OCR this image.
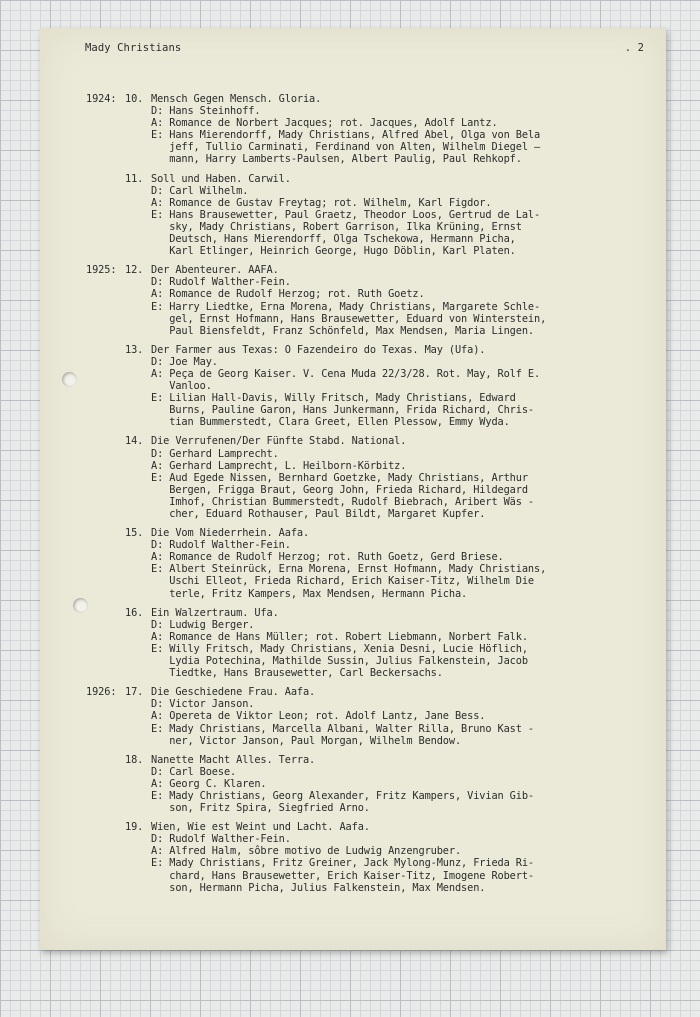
Mady Christians	. 2
1924: 10. Mensch Gegen Mensch. Gloria.
D: Hans Steinhoff.
A: Romance de Norbert Jacques; rot. Jacques, Adolf Lantz.
E: Hans Mierendorff, Mady Christians, Alfred Abel, Olga von Bela
jeff, Tullio Carminati, Ferdinand von Alten, Wilhelm Diegel –
mann, Harry Lamberts-Paulsen, Albert Paulig, Paul Rehkopf.
11. Soll und Haben. Carwil.
D: Carl Wilhelm.
A: Romance de Gustav Freytag; rot. Wilhelm, Karl Figdor.
E: Hans Brausewetter, Paul Graetz, Theodor Loos, Gertrud de Lal-
sky, Mady Christians, Robert Garrison, Ilka Krüning, Ernst
Deutsch, Hans Mierendorff, Olga Tschekowa, Hermann Picha,
Karl Etlinger, Heinrich George, Hugo Döblin, Karl Platen.
1925: 12. Der Abenteurer. AAFA.
D: Rudolf Walther-Fein.
A: Romance de Rudolf Herzog; rot. Ruth Goetz.
E: Harry Liedtke, Erna Morena, Mady Christians, Margarete Schle-
gel, Ernst Hofmann, Hans Brausewetter, Eduard von Winterstein,
Paul Biensfeldt, Franz Schönfeld, Max Mendsen, Maria Lingen.
13. Der Farmer aus Texas: O Fazendeiro do Texas. May (Ufa).
D: Joe May.
A: Peça de Georg Kaiser. V. Cena Muda 22/3/28. Rot. May, Rolf E.
Vanloo.
E: Lilian Hall-Davis, Willy Fritsch, Mady Christians, Edward
Burns, Pauline Garon, Hans Junkermann, Frida Richard, Chris-
tian Bummerstedt, Clara Greet, Ellen Plessow, Emmy Wyda.
14. Die Verrufenen/Der Fünfte Stabd. National.
D: Gerhard Lamprecht.
A: Gerhard Lamprecht, L. Heilborn-Körbitz.
E: Aud Egede Nissen, Bernhard Goetzke, Mady Christians, Arthur
Bergen, Frigga Braut, Georg John, Frieda Richard, Hildegard
Imhof, Christian Bummerstedt, Rudolf Biebrach, Aribert Wäs -
cher, Eduard Rothauser, Paul Bildt, Margaret Kupfer.
15. Die Vom Niederrhein. Aafa.
D: Rudolf Walther-Fein.
A: Romance de Rudolf Herzog; rot. Ruth Goetz, Gerd Briese.
E: Albert Steinrück, Erna Morena, Ernst Hofmann, Mady Christians,
Uschi Elleot, Frieda Richard, Erich Kaiser-Titz, Wilhelm Die
terle, Fritz Kampers, Max Mendsen, Hermann Picha.
16. Ein Walzertraum. Ufa.
D: Ludwig Berger.
A: Romance de Hans Müller; rot. Robert Liebmann, Norbert Falk.
E: Willy Fritsch, Mady Christians, Xenia Desni, Lucie Höflich,
Lydia Potechina, Mathilde Sussin, Julius Falkenstein, Jacob
Tiedtke, Hans Brausewetter, Carl Beckersachs.
1926: 17. Die Geschiedene Frau. Aafa.
D: Victor Janson.
A: Opereta de Viktor Leon; rot. Adolf Lantz, Jane Bess.
E: Mady Christians, Marcella Albani, Walter Rilla, Bruno Kast -
ner, Victor Janson, Paul Morgan, Wilhelm Bendow.
18. Nanette Macht Alles. Terra.
D: Carl Boese.
A: Georg C. Klaren.
E: Mady Christians, Georg Alexander, Fritz Kampers, Vivian Gib-
son, Fritz Spira, Siegfried Arno.
19. Wien, Wie est Weint und Lacht. Aafa.
D: Rudolf Walther-Fein.
A: Alfred Halm, sôbre motivo de Ludwig Anzengruber.
E: Mady Christians, Fritz Greiner, Jack Mylong-Munz, Frieda Ri-
chard, Hans Brausewetter, Erich Kaiser-Titz, Imogene Robert-
son, Hermann Picha, Julius Falkenstein, Max Mendsen.
